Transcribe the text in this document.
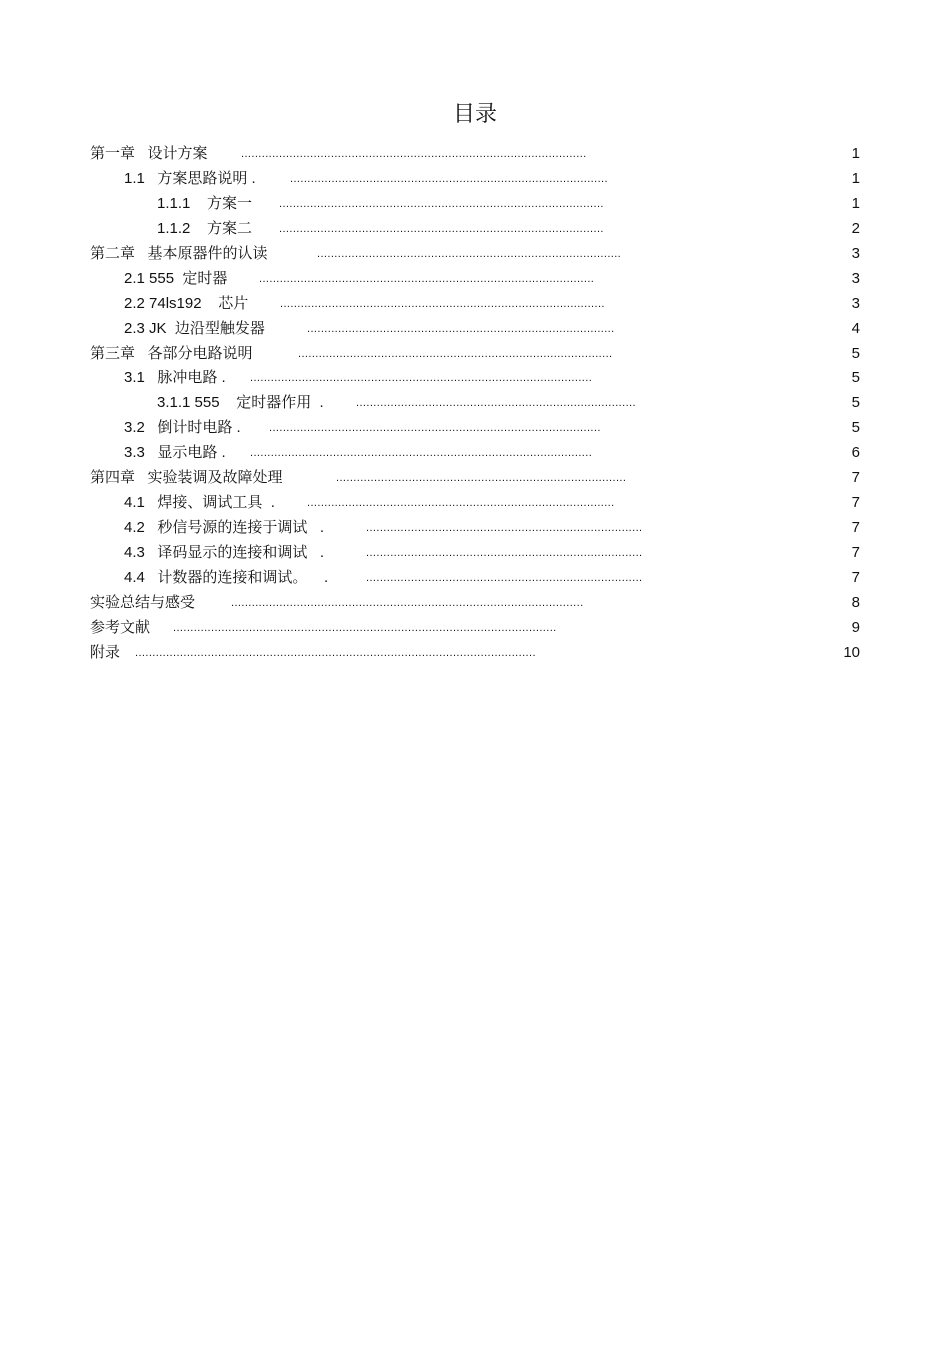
目录
第一章   设计方案	....................................................................................................	1
1.1   方案思路说明 .	............................................................................................	1
1.1.1    方案一 ..............................................................................................	1
1.1.2    方案二 ..............................................................................................	2
第二章   基本原器件的认读	........................................................................................	3
2.1 555  定时器	.................................................................................................	3
2.2 74ls192    芯片	..............................................................................................	3
2.3 JK  边沿型触发器	.........................................................................................	4
第三章   各部分电路说明	...........................................................................................	5
3.1   脉冲电路 . ...................................................................................................	5
3.1.1 555    定时器作用  .	.................................................................................	5
3.2   倒计时电路 .	................................................................................................	5
3.3   显示电路 . ...................................................................................................	6
第四章   实验装调及故障处理	....................................................................................	7
4.1   焊接、调试工具  .	.........................................................................................	7
4.2   秒信号源的连接于调试   .	................................................................................	7
4.3   译码显示的连接和调试   .	................................................................................	7
4.4   计数器的连接和调试。    .	................................................................................	7
实验总结与感受	......................................................................................................	8
参考文献 ...............................................................................................................	9
附录 ....................................................................................................................	10
